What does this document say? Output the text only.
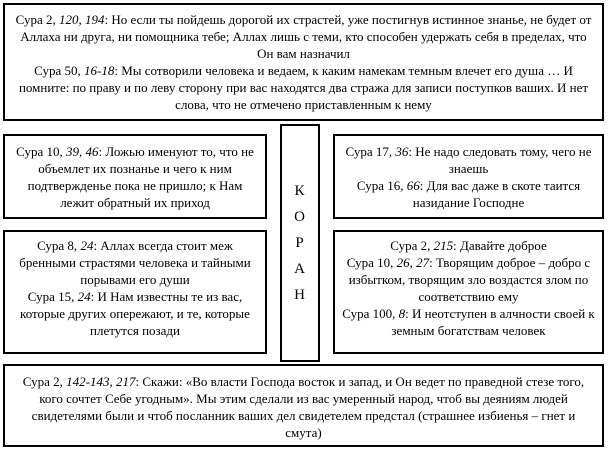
Сура 2, 120, 194: Но если ты пойдешь дорогой их страстей, уже постигнув истинное знанье, не будет от Аллаха ни друга, ни помощника тебе; Аллах лишь с теми, кто способен удержать себя в пределах, что Он вам назначил

Сура 50, 16-18: Мы сотворили человека и ведаем, к каким намекам темным влечет его душа … И помните: по праву и по леву сторону при вас находятся два стража для записи поступков ваших. И нет слова, что не отмечено приставленным к нему

Сура 10, 39, 46: Ложью именуют то, что не объемлет их познанье и чего к ним подтвержденье пока не пришло; к Нам лежит обратный их приход

Сура 17, 36: Не надо следовать тому, чего не знаешь

Сура 16, 66: Для вас даже в скоте таится назидание Господне

К
О
Р
А
Н

Сура 8, 24: Аллах всегда стоит меж бренными страстями человека и тайными порывами его души

Сура 15, 24: И Нам известны те из вас, которые других опережают, и те, которые плетутся позади

Сура 2, 215: Давайте доброе

Сура 10, 26, 27: Творящим доброе – добро с избытком, творящим зло воздастся злом по соответствию ему

Сура 100, 8: И неотступен в алчности своей к земным богатствам человек

Сура 2, 142-143, 217: Скажи: «Во власти Господа восток и запад, и Он ведет по праведной стезе того, кого сочтет Себе угодным». Мы этим сделали из вас умеренный народ, чтоб вы деяниям людей свидетелями были и чтоб посланник ваших дел свидетелем предстал (страшнее избиенья – гнет и смута)
